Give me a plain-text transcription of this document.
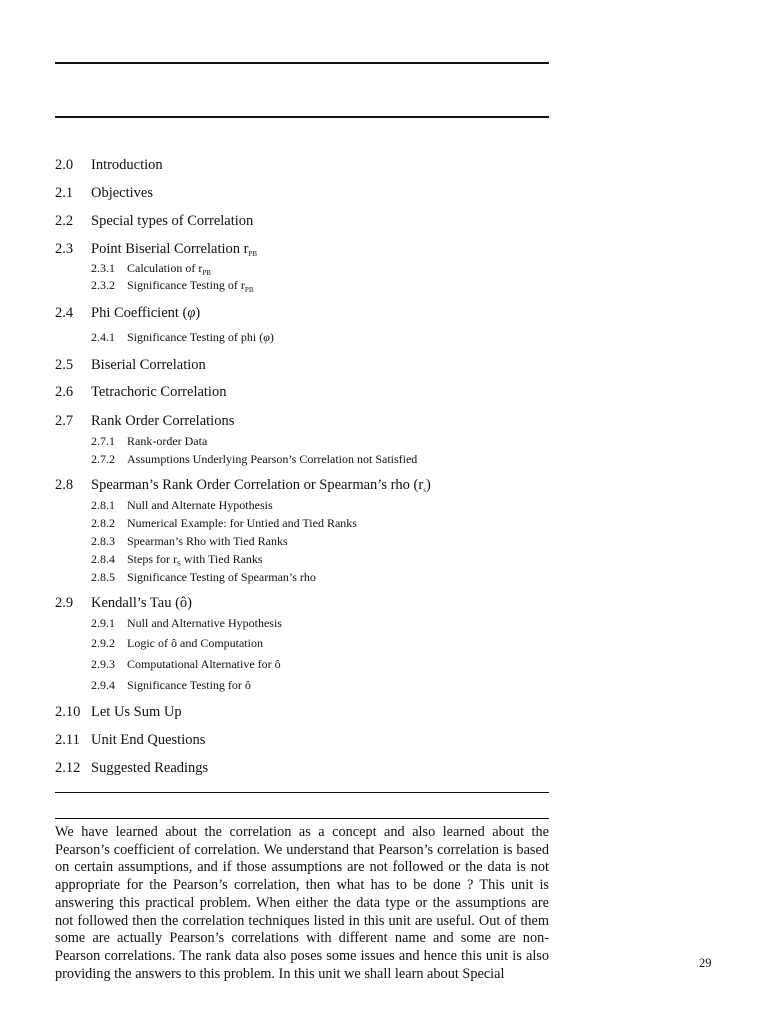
2.0 Introduction
2.1 Objectives
2.2 Special types of Correlation
2.3 Point Biserial Correlation $r_{PB}$
2.3.1 Calculation of $r_{PB}$
2.3.2 Significance Testing of $r_{PB}$
2.4 Phi Coefficient (φ)
2.4.1 Significance Testing of phi (φ)
2.5 Biserial Correlation
2.6 Tetrachoric Correlation
2.7 Rank Order Correlations
2.7.1 Rank-order Data
2.7.2 Assumptions Underlying Pearson’s Correlation not Satisfied
2.8 Spearman’s Rank Order Correlation or Spearman’s rho $(r_s)$
2.8.1 Null and Alternate Hypothesis
2.8.2 Numerical Example: for Untied and Tied Ranks
2.8.3 Spearman’s Rho with Tied Ranks
2.8.4 Steps for $r_S$ with Tied Ranks
2.8.5 Significance Testing of Spearman’s rho
2.9 Kendall’s Tau (ô)
2.9.1 Null and Alternative Hypothesis
2.9.2 Logic of ô and Computation
2.9.3 Computational Alternative for ô
2.9.4 Significance Testing for ô
2.10 Let Us Sum Up
2.11 Unit End Questions
2.12 Suggested Readings
We have learned about the correlation as a concept and also learned about the Pearson’s coefficient of correlation. We understand that Pearson’s correlation is based on certain assumptions, and if those assumptions are not followed or the data is not appropriate for the Pearson’s correlation, then what has to be done ? This unit is answering this practical problem. When either the data type or the assumptions are not followed then the correlation techniques listed in this unit are useful. Out of them some are actually Pearson’s correlations with different name and some are non-Pearson correlations. The rank data also poses some issues and hence this unit is also providing the answers to this problem. In this unit we shall learn about Special
29
